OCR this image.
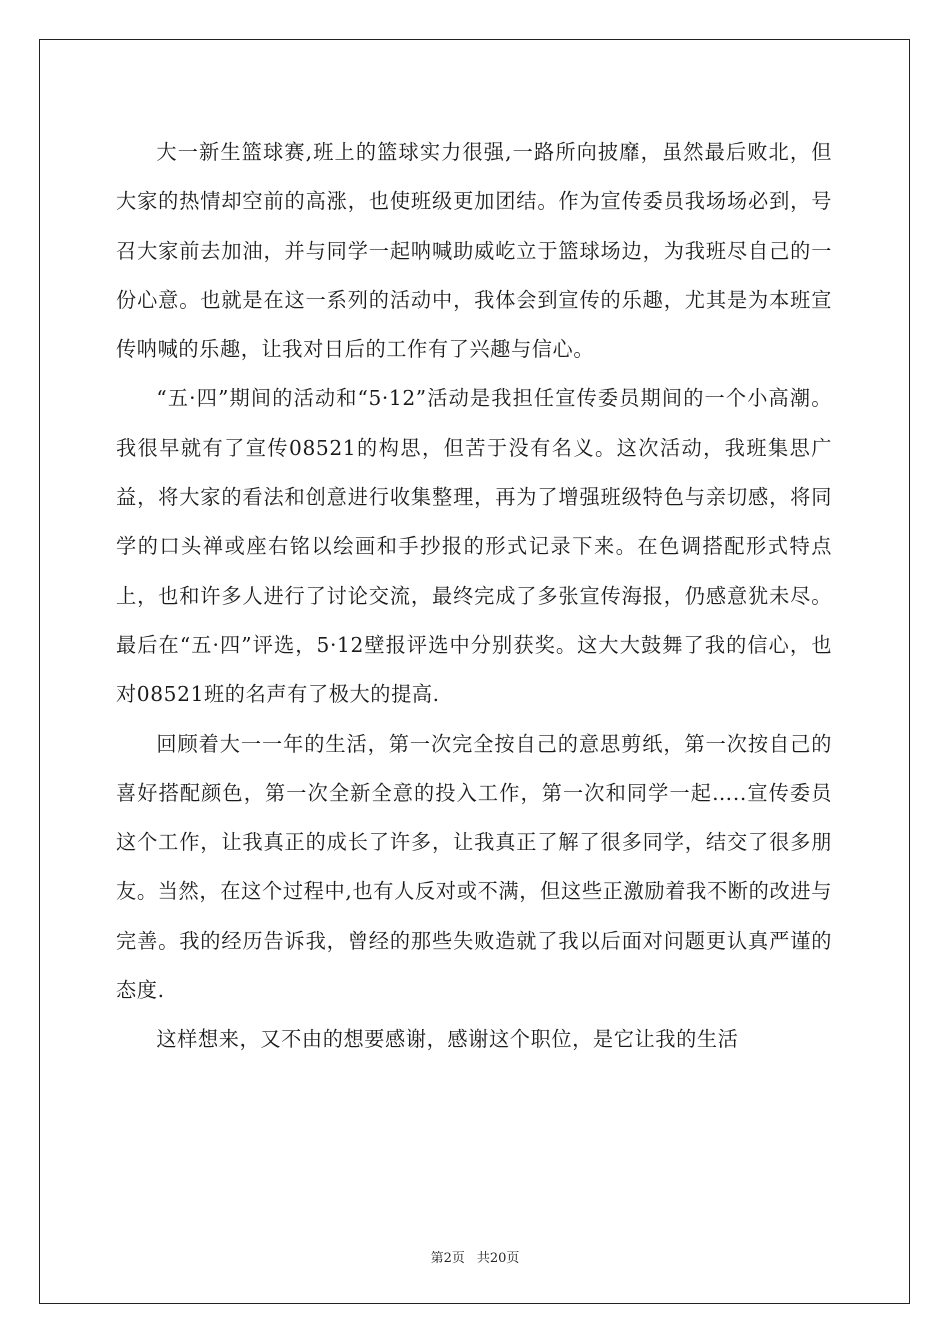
大一新生篮球赛,班上的篮球实力很强,一路所向披靡，虽然最后败北，但大家的热情却空前的高涨，也使班级更加团结。作为宣传委员我场场必到，号召大家前去加油，并与同学一起呐喊助威屹立于篮球场边，为我班尽自己的一份心意。也就是在这一系列的活动中，我体会到宣传的乐趣，尤其是为本班宣传呐喊的乐趣，让我对日后的工作有了兴趣与信心。

“五·四”期间的活动和“5·12”活动是我担任宣传委员期间的一个小高潮。我很早就有了宣传08521的构思，但苦于没有名义。这次活动，我班集思广益，将大家的看法和创意进行收集整理，再为了增强班级特色与亲切感，将同学的口头禅或座右铭以绘画和手抄报的形式记录下来。在色调搭配形式特点上，也和许多人进行了讨论交流，最终完成了多张宣传海报，仍感意犹未尽。最后在“五·四”评选，5·12壁报评选中分别获奖。这大大鼓舞了我的信心，也对08521班的名声有了极大的提高.

回顾着大一一年的生活，第一次完全按自己的意思剪纸，第一次按自己的喜好搭配颜色，第一次全新全意的投入工作，第一次和同学一起…..宣传委员这个工作，让我真正的成长了许多，让我真正了解了很多同学，结交了很多朋友。当然，在这个过程中,也有人反对或不满，但这些正激励着我不断的改进与完善。我的经历告诉我，曾经的那些失败造就了我以后面对问题更认真严谨的态度.

这样想来，又不由的想要感谢，感谢这个职位，是它让我的生活

第2页 共20页
